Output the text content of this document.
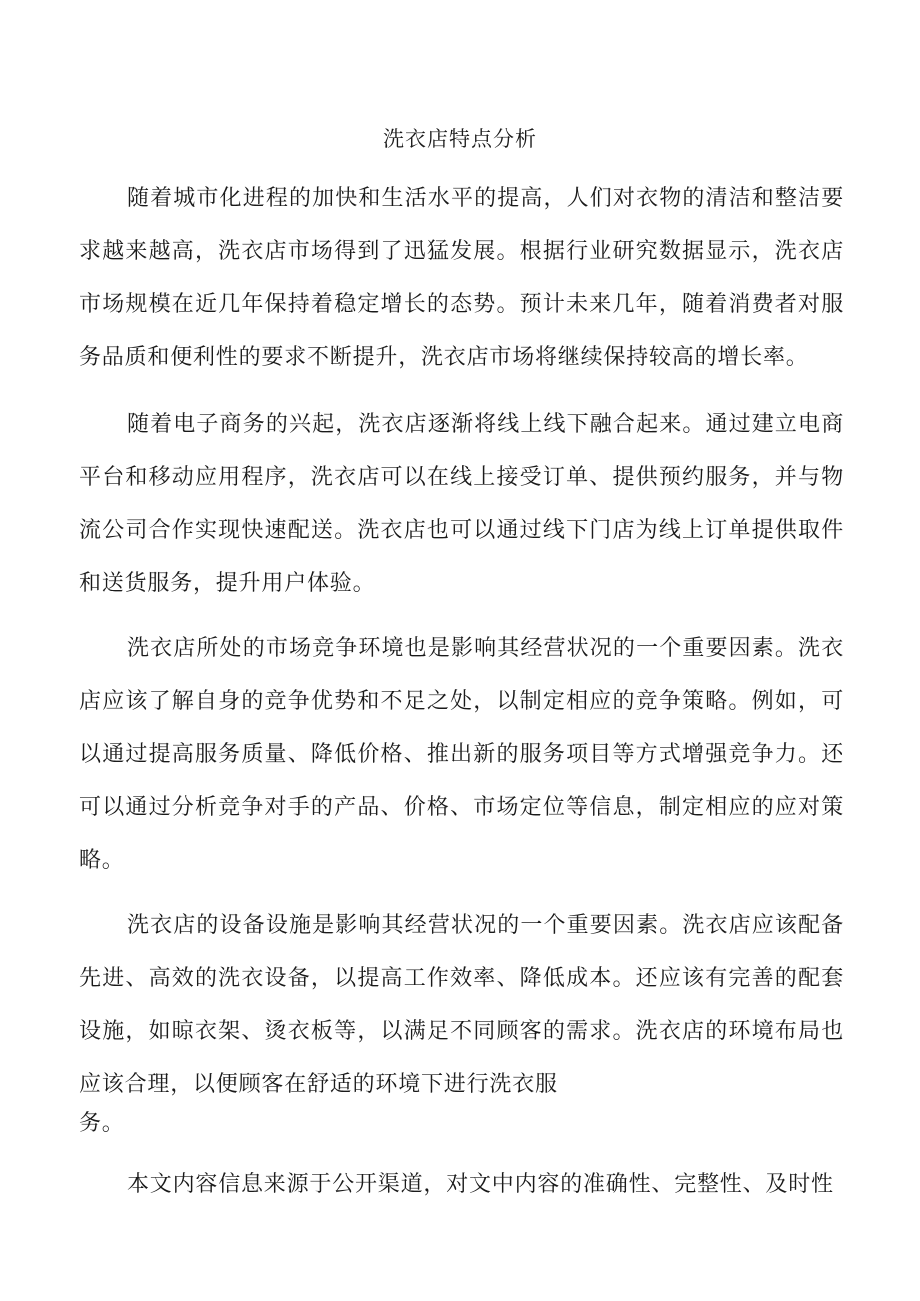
洗衣店特点分析

随着城市化进程的加快和生活水平的提高，人们对衣物的清洁和整洁要求越来越高，洗衣店市场得到了迅猛发展。根据行业研究数据显示，洗衣店市场规模在近几年保持着稳定增长的态势。预计未来几年，随着消费者对服务品质和便利性的要求不断提升，洗衣店市场将继续保持较高的增长率。

随着电子商务的兴起，洗衣店逐渐将线上线下融合起来。通过建立电商平台和移动应用程序，洗衣店可以在线上接受订单、提供预约服务，并与物流公司合作实现快速配送。洗衣店也可以通过线下门店为线上订单提供取件和送货服务，提升用户体验。

洗衣店所处的市场竞争环境也是影响其经营状况的一个重要因素。洗衣店应该了解自身的竞争优势和不足之处，以制定相应的竞争策略。例如，可以通过提高服务质量、降低价格、推出新的服务项目等方式增强竞争力。还可以通过分析竞争对手的产品、价格、市场定位等信息，制定相应的应对策略。

洗衣店的设备设施是影响其经营状况的一个重要因素。洗衣店应该配备先进、高效的洗衣设备，以提高工作效率、降低成本。还应该有完善的配套设施，如晾衣架、烫衣板等，以满足不同顾客的需求。洗衣店的环境布局也应该合理，以便顾客在舒适的环境下进行洗衣服

务。

本文内容信息来源于公开渠道，对文中内容的准确性、完整性、及时性
